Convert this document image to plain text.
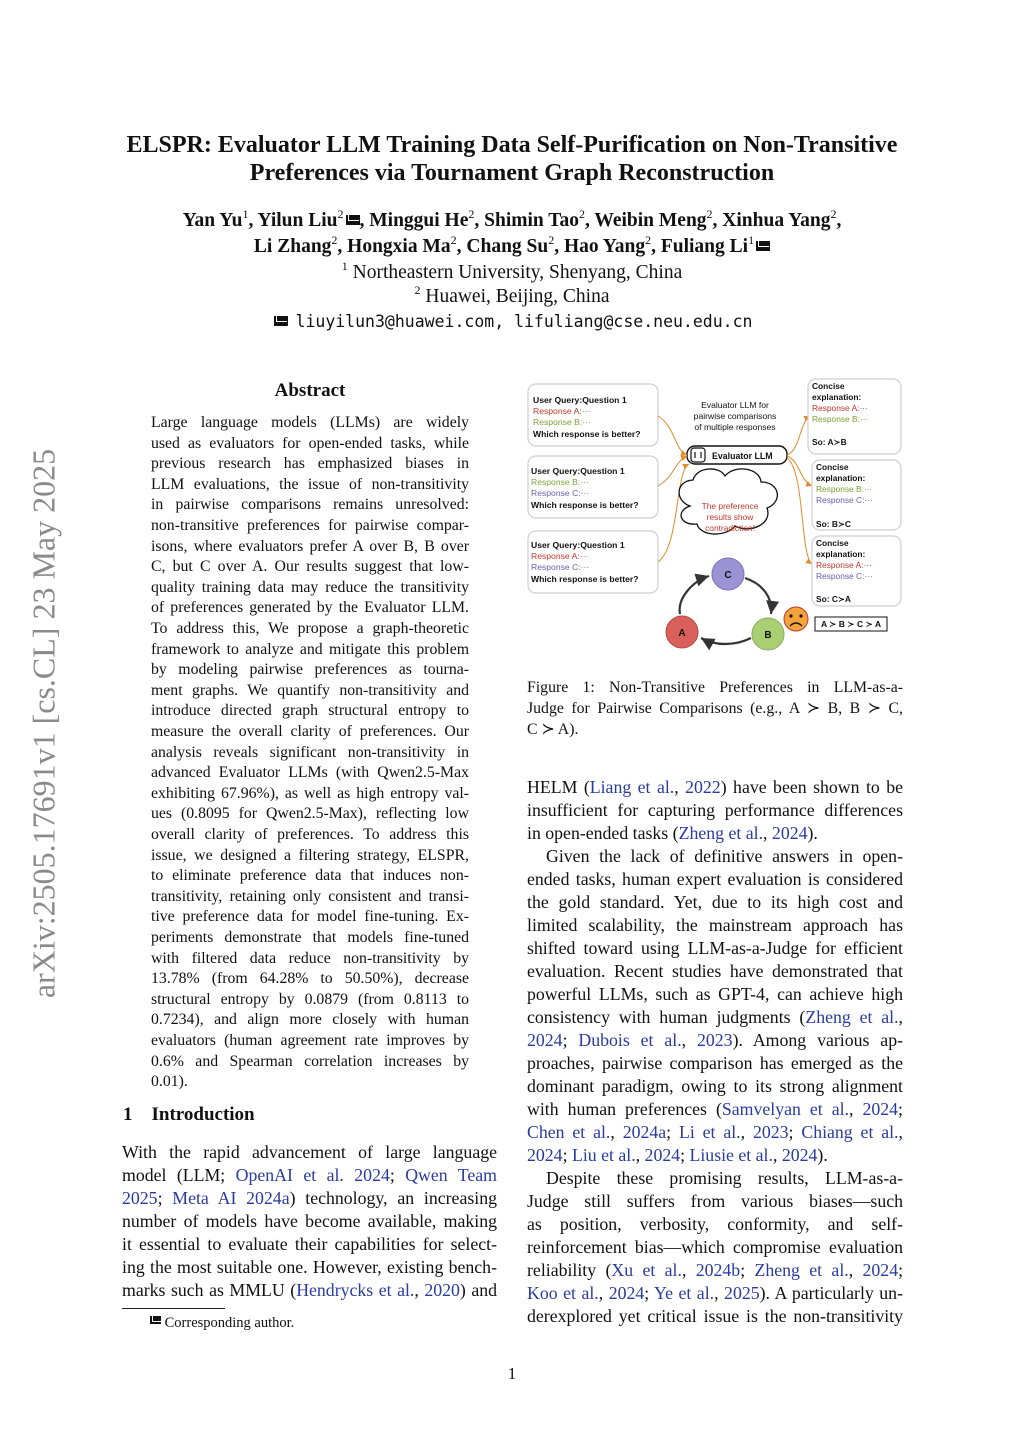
arXiv:2505.17691v1 [cs.CL] 23 May 2025
ELSPR: Evaluator LLM Training Data Self-Purification on Non-Transitive
Preferences via Tournament Graph Reconstruction
Yan Yu$^1$, Yilun Liu$^2$ , Minggui He$^2$, Shimin Tao$^2$, Weibin Meng$^2$, Xinhua Yang$^2$,
Li Zhang$^2$, Hongxia Ma$^2$, Chang Su$^2$, Hao Yang$^2$, Fuliang Li$^1$
$^1$ Northeastern University, Shenyang, China
$^2$ Huawei, Beijing, China
liuyilun3@huawei.com, lifuliang@cse.neu.edu.cn
Abstract
Large language models (LLMs) are widely
used as evaluators for open-ended tasks, while
previous research has emphasized biases in
LLM evaluations, the issue of non-transitivity
in pairwise comparisons remains unresolved:
non-transitive preferences for pairwise compar-
isons, where evaluators prefer A over B, B over
C, but C over A. Our results suggest that low-
quality training data may reduce the transitivity
of preferences generated by the Evaluator LLM.
To address this, We propose a graph-theoretic
framework to analyze and mitigate this problem
by modeling pairwise preferences as tourna-
ment graphs. We quantify non-transitivity and
introduce directed graph structural entropy to
measure the overall clarity of preferences. Our
analysis reveals significant non-transitivity in
advanced Evaluator LLMs (with Qwen2.5-Max
exhibiting 67.96%), as well as high entropy val-
ues (0.8095 for Qwen2.5-Max), reflecting low
overall clarity of preferences. To address this
issue, we designed a filtering strategy, ELSPR,
to eliminate preference data that induces non-
transitivity, retaining only consistent and transi-
tive preference data for model fine-tuning. Ex-
periments demonstrate that models fine-tuned
with filtered data reduce non-transitivity by
13.78% (from 64.28% to 50.50%), decrease
structural entropy by 0.0879 (from 0.8113 to
0.7234), and align more closely with human
evaluators (human agreement rate improves by
0.6% and Spearman correlation increases by
0.01).
1 Introduction
With the rapid advancement of large language
model (LLM; OpenAI et al. 2024; Qwen Team
2025; Meta AI 2024a) technology, an increasing
number of models have become available, making
it essential to evaluate their capabilities for select-
ing the most suitable one. However, existing bench-
marks such as MMLU (Hendrycks et al., 2020) and
Corresponding author.
1
User Query:Question 1
Response A:···
Response B:···
Which response is better?
User Query:Question 1
Response B:···
Response C:···
Which response is better?
User Query:Question 1
Response A:···
Response C:···
Which response is better?
Evaluator LLM for
pairwise comparisons
of multiple responses
Evaluator LLM
The preference
results show
contradiction!
Concise
explanation:
Response A:···
Response B:···
So: A≻B
Concise
explanation:
Response B:···
Response C:···
So: B≻C
Concise
explanation:
Response A:···
Response C:···
So: C≻A
A ≻ B ≻ C ≻ A
C
A	B
Figure 1: Non-Transitive Preferences in LLM-as-a-
Judge for Pairwise Comparisons (e.g., A ≻ B, B ≻ C,
C ≻ A).
HELM (Liang et al., 2022) have been shown to be
insufficient for capturing performance differences
in open-ended tasks (Zheng et al., 2024).
Given the lack of definitive answers in open-
ended tasks, human expert evaluation is considered
the gold standard. Yet, due to its high cost and
limited scalability, the mainstream approach has
shifted toward using LLM-as-a-Judge for efficient
evaluation. Recent studies have demonstrated that
powerful LLMs, such as GPT-4, can achieve high
consistency with human judgments (Zheng et al.,
2024; Dubois et al., 2023). Among various ap-
proaches, pairwise comparison has emerged as the
dominant paradigm, owing to its strong alignment
with human preferences (Samvelyan et al., 2024;
Chen et al., 2024a; Li et al., 2023; Chiang et al.,
2024; Liu et al., 2024; Liusie et al., 2024).
Despite these promising results, LLM-as-a-
Judge still suffers from various biases—such
as position, verbosity, conformity, and self-
reinforcement bias—which compromise evaluation
reliability (Xu et al., 2024b; Zheng et al., 2024;
Koo et al., 2024; Ye et al., 2025). A particularly un-
derexplored yet critical issue is the non-transitivity
